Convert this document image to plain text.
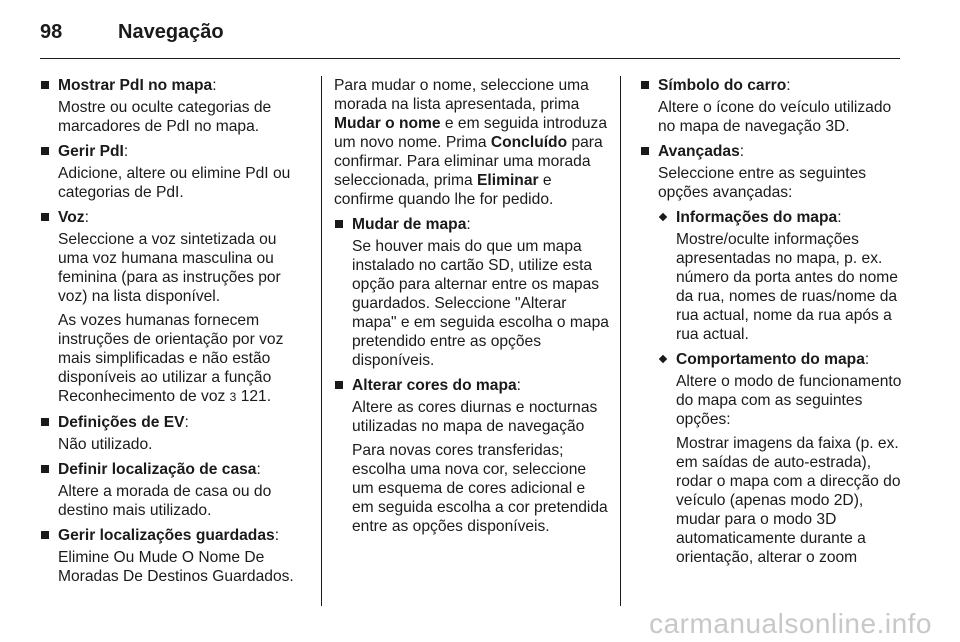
98	Navegação
Mostrar PdI no mapa:
Mostre ou oculte categorias de marcadores de PdI no mapa.
Gerir PdI:
Adicione, altere ou elimine PdI ou categorias de PdI.
Voz:
Seleccione a voz sintetizada ou uma voz humana masculina ou feminina (para as instruções por voz) na lista disponível.
As vozes humanas fornecem instruções de orientação por voz mais simplificadas e não estão disponíveis ao utilizar a função Reconhecimento de voz 3 121.
Definições de EV:
Não utilizado.
Definir localização de casa:
Altere a morada de casa ou do destino mais utilizado.
Gerir localizações guardadas:
Elimine Ou Mude O Nome De Moradas De Destinos Guardados.
Para mudar o nome, seleccione uma morada na lista apresentada, prima Mudar o nome e em seguida introduza um novo nome. Prima Concluído para confirmar. Para eliminar uma morada seleccionada, prima Eliminar e confirme quando lhe for pedido.
Mudar de mapa:
Se houver mais do que um mapa instalado no cartão SD, utilize esta opção para alternar entre os mapas guardados. Seleccione "Alterar mapa" e em seguida escolha o mapa pretendido entre as opções disponíveis.
Alterar cores do mapa:
Altere as cores diurnas e nocturnas utilizadas no mapa de navegação
Para novas cores transferidas; escolha uma nova cor, seleccione um esquema de cores adicional e em seguida escolha a cor pretendida entre as opções disponíveis.
Símbolo do carro:
Altere o ícone do veículo utilizado no mapa de navegação 3D.
Avançadas:
Seleccione entre as seguintes opções avançadas:
Informações do mapa:
Mostre/oculte informações apresentadas no mapa, p. ex. número da porta antes do nome da rua, nomes de ruas/nome da rua actual, nome da rua após a rua actual.
Comportamento do mapa:
Altere o modo de funcionamento do mapa com as seguintes opções:
Mostrar imagens da faixa (p. ex. em saídas de auto-estrada), rodar o mapa com a direcção do veículo (apenas modo 2D), mudar para o modo 3D automaticamente durante a orientação, alterar o zoom
carmanualsonline.info
